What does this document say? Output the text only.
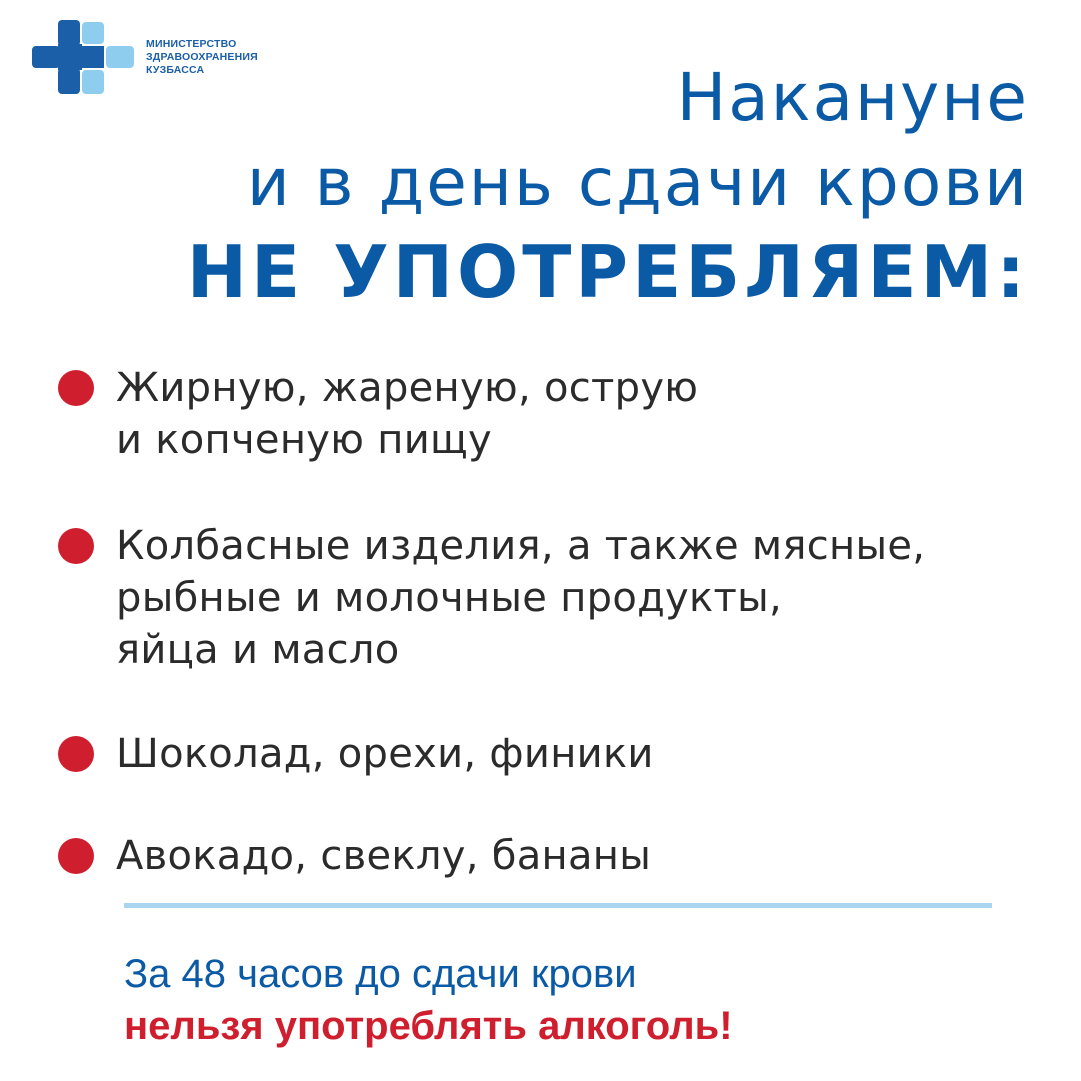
МИНИСТЕРСТВО
ЗДРАВООХРАНЕНИЯ
КУЗБАССА	Накануне
и в день сдачи крови
НЕ УПОТРЕБЛЯЕМ:
Жирную, жареную, острую
и копченую пищу
Колбасные изделия, а также мясные,
рыбные и молочные продукты,
яйца и масло
Шоколад, орехи, финики
Авокадо, свеклу, бананы
За 48 часов до сдачи крови
нельзя употреблять алкоголь!
